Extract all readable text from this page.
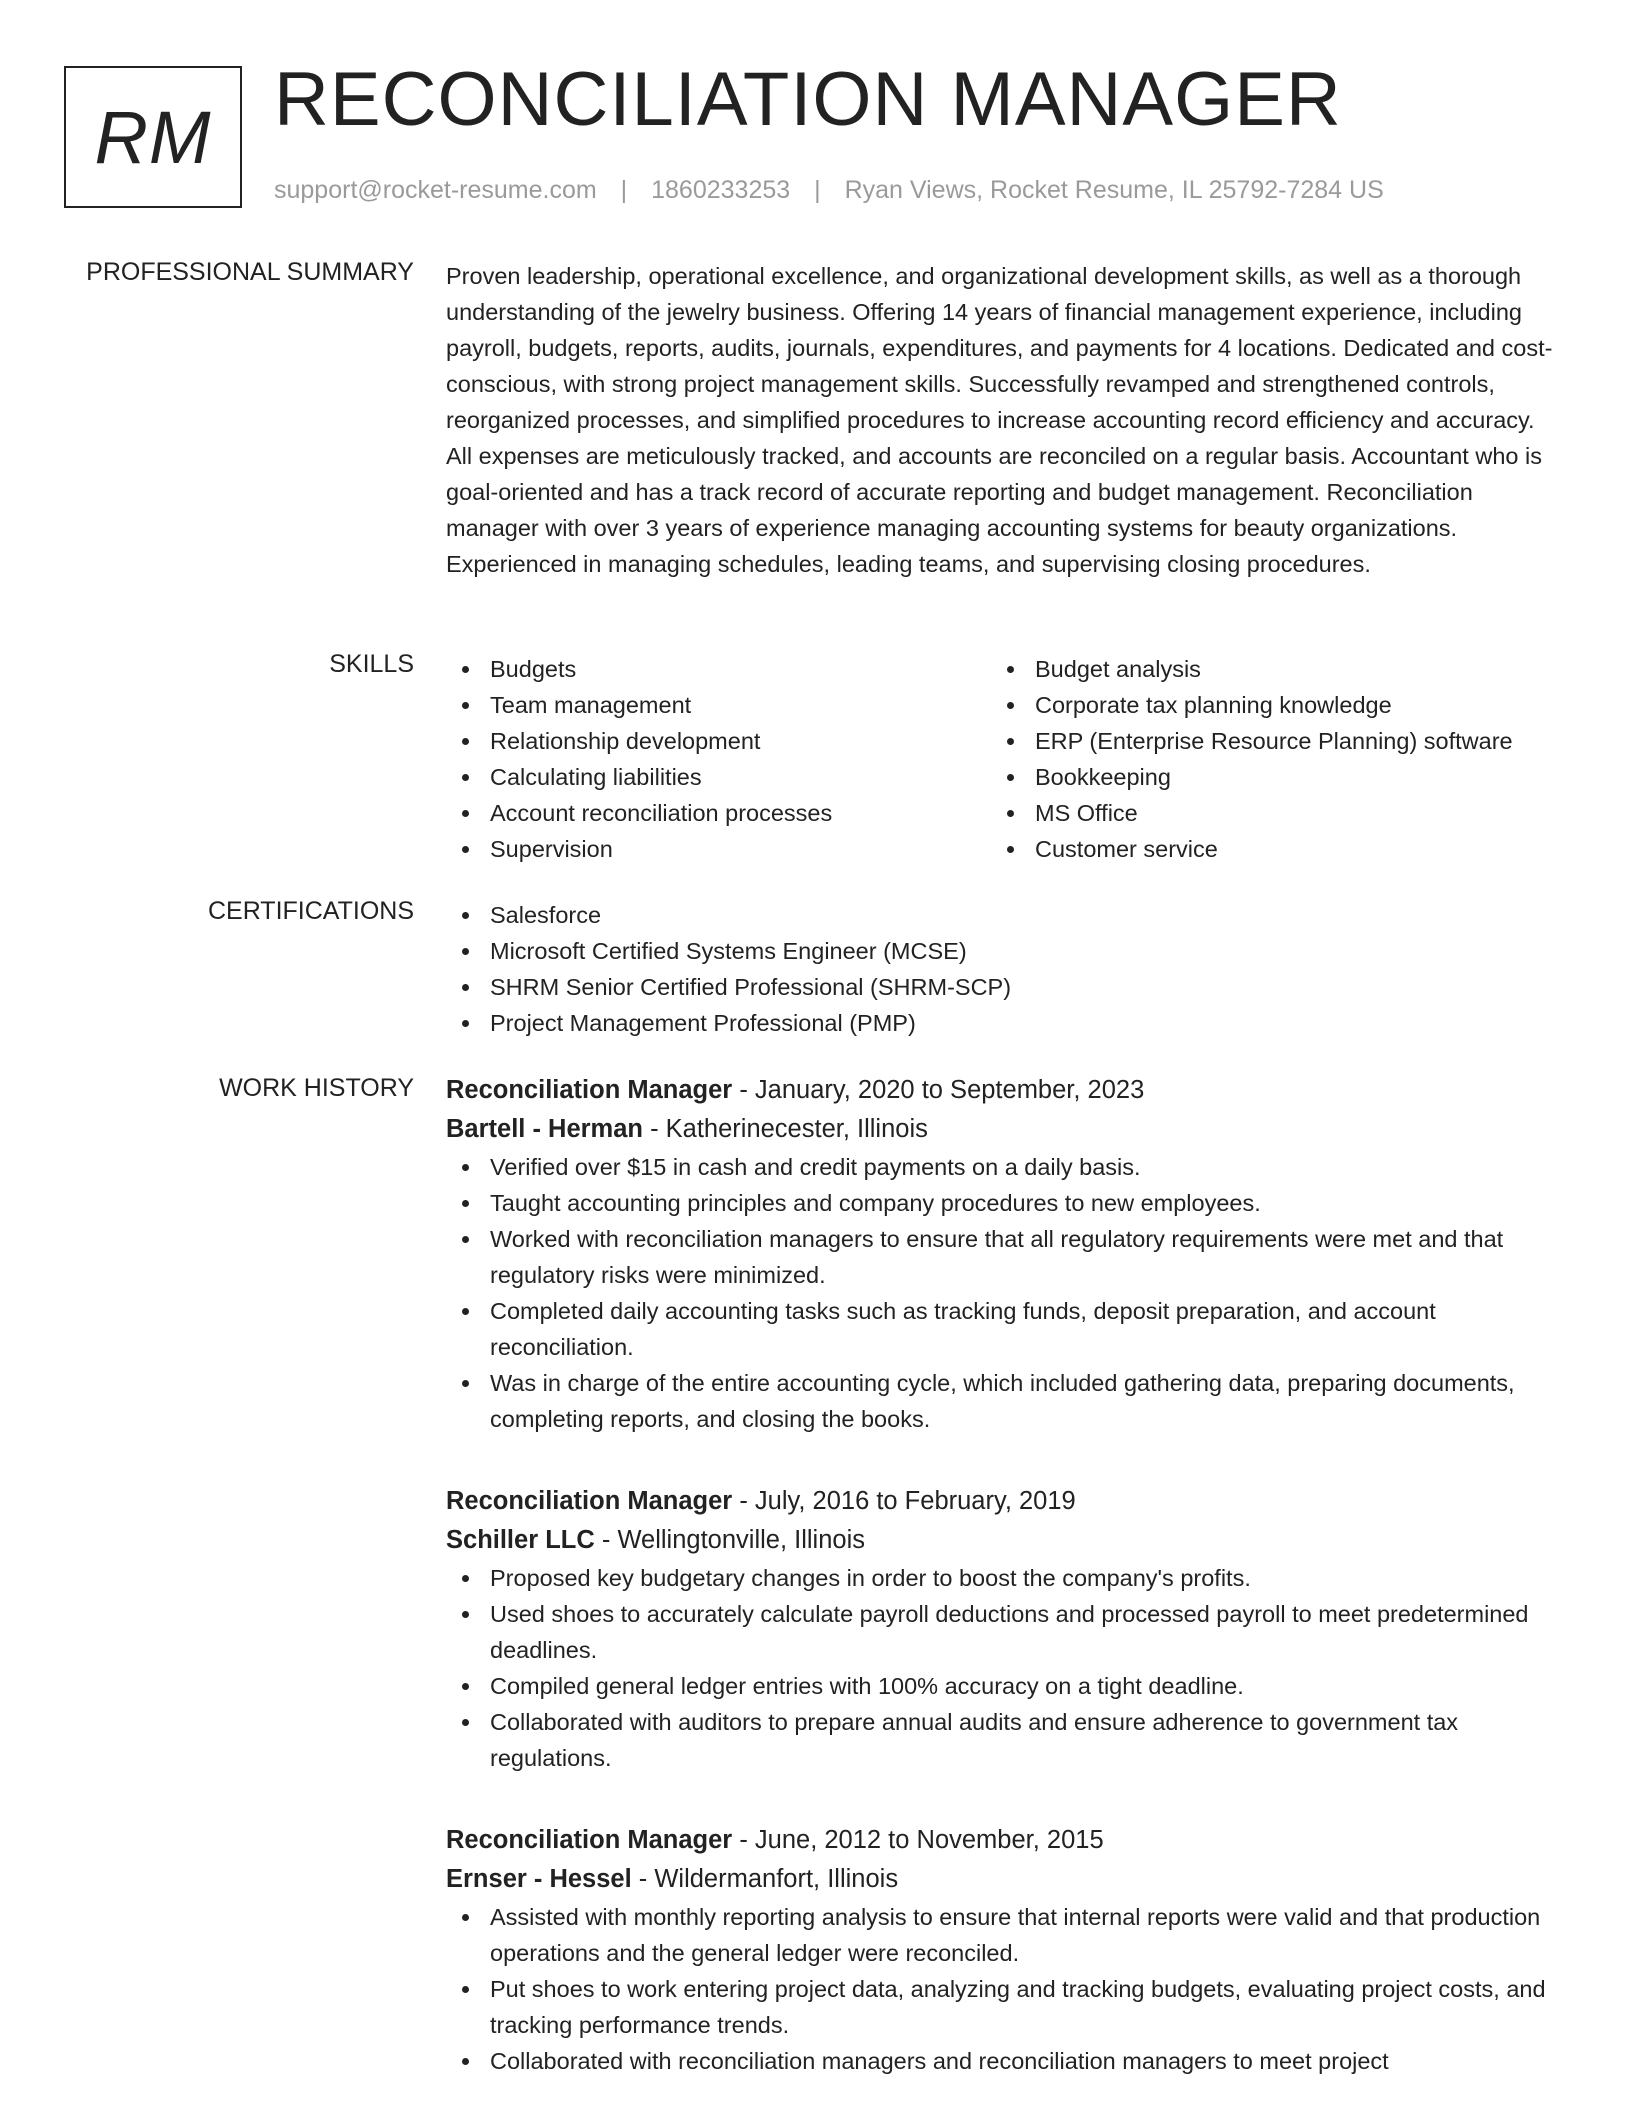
RM RECONCILIATION MANAGER
support@rocket-resume.com | 1860233253 | Ryan Views, Rocket Resume, IL 25792-7284 US
PROFESSIONAL SUMMARY Proven leadership, operational excellence, and organizational development skills, as well as a thorough understanding of the jewelry business. Offering 14 years of financial management experience, including payroll, budgets, reports, audits, journals, expenditures, and payments for 4 locations. Dedicated and cost-conscious, with strong project management skills. Successfully revamped and strengthened controls, reorganized processes, and simplified procedures to increase accounting record efficiency and accuracy. All expenses are meticulously tracked, and accounts are reconciled on a regular basis. Accountant who is goal-oriented and has a track record of accurate reporting and budget management. Reconciliation manager with over 3 years of experience managing accounting systems for beauty organizations. Experienced in managing schedules, leading teams, and supervising closing procedures.
SKILLS	Budgets
Team management
Relationship development
Calculating liabilities
Account reconciliation processes
Supervision
Budget analysis
Corporate tax planning knowledge
ERP (Enterprise Resource Planning) software
Bookkeeping
MS Office
Customer service
CERTIFICATIONS	Salesforce
Microsoft Certified Systems Engineer (MCSE)
SHRM Senior Certified Professional (SHRM-SCP)
Project Management Professional (PMP)
WORK HISTORY Reconciliation Manager - January, 2020 to September, 2023
Bartell - Herman - Katherinecester, Illinois
Verified over $15 in cash and credit payments on a daily basis.
Taught accounting principles and company procedures to new employees.
Worked with reconciliation managers to ensure that all regulatory requirements were met and that regulatory risks were minimized.
Completed daily accounting tasks such as tracking funds, deposit preparation, and account reconciliation.
Was in charge of the entire accounting cycle, which included gathering data, preparing documents, completing reports, and closing the books.
Reconciliation Manager - July, 2016 to February, 2019
Schiller LLC - Wellingtonville, Illinois
Proposed key budgetary changes in order to boost the company's profits.
Used shoes to accurately calculate payroll deductions and processed payroll to meet predetermined deadlines.
Compiled general ledger entries with 100% accuracy on a tight deadline.
Collaborated with auditors to prepare annual audits and ensure adherence to government tax regulations.
Reconciliation Manager - June, 2012 to November, 2015
Ernser - Hessel - Wildermanfort, Illinois
Assisted with monthly reporting analysis to ensure that internal reports were valid and that production operations and the general ledger were reconciled.
Put shoes to work entering project data, analyzing and tracking budgets, evaluating project costs, and tracking performance trends.
Collaborated with reconciliation managers and reconciliation managers to meet project
